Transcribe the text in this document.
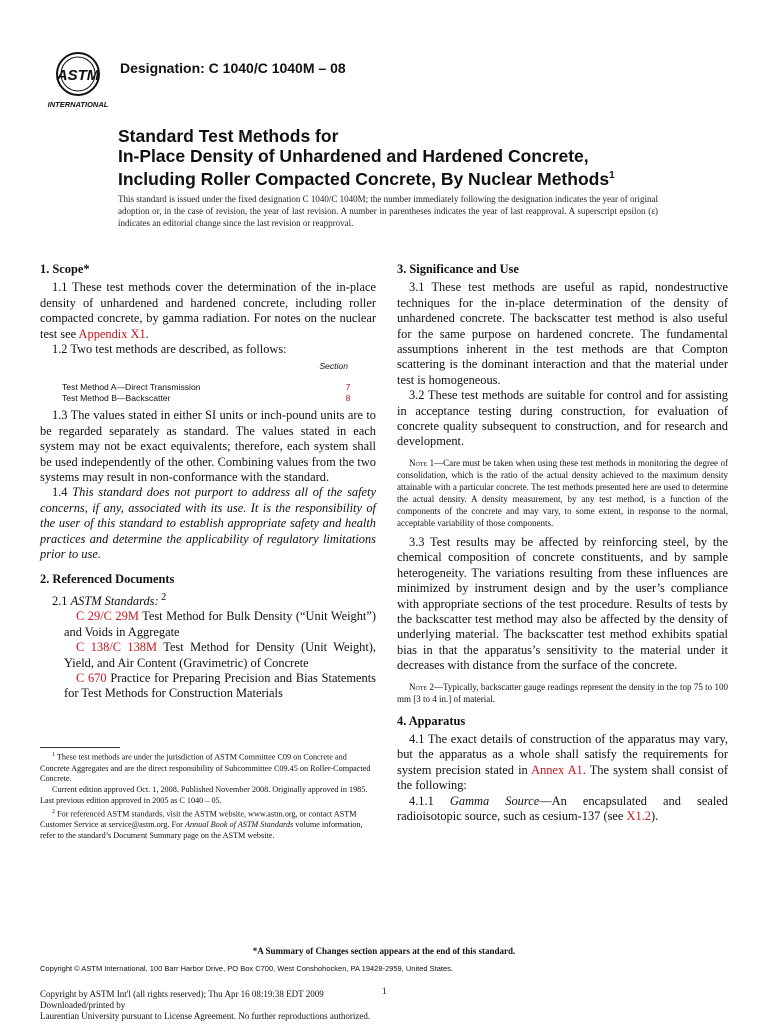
ASTM
INTERNATIONAL
Designation: C 1040/C 1040M – 08
Standard Test Methods for
In-Place Density of Unhardened and Hardened Concrete,
Including Roller Compacted Concrete, By Nuclear Methods$^1$
This standard is issued under the fixed designation C 1040/C 1040M; the number immediately following the designation indicates the year of original adoption or, in the case of revision, the year of last revision. A number in parentheses indicates the year of last reapproval. A superscript epsilon (ε) indicates an editorial change since the last revision or reapproval.
1. Scope*

1.1 These test methods cover the determination of the in-place density of unhardened and hardened concrete, including roller compacted concrete, by gamma radiation. For notes on the nuclear test see Appendix X1.

1.2 Two test methods are described, as follows:

Section
Test Method A—Direct Transmission	7
Test Method B—Backscatter	8

1.3 The values stated in either SI units or inch-pound units are to be regarded separately as standard. The values stated in each system may not be exact equivalents; therefore, each system shall be used independently of the other. Combining values from the two systems may result in non-conformance with the standard.

1.4 This standard does not purport to address all of the safety concerns, if any, associated with its use. It is the responsibility of the user of this standard to establish appropriate safety and health practices and determine the applicability of regulatory limitations prior to use.

2. Referenced Documents

2.1 ASTM Standards: $^2$

C 29/C 29M Test Method for Bulk Density (“Unit Weight”) and Voids in Aggregate

C 138/C 138M Test Method for Density (Unit Weight), Yield, and Air Content (Gravimetric) of Concrete

C 670 Practice for Preparing Precision and Bias Statements for Test Methods for Construction Materials

$^1$ These test methods are under the jurisdiction of ASTM Committee C09 on Concrete and Concrete Aggregates and are the direct responsibility of Subcommittee C09.45 on Roller-Compacted Concrete.

Current edition approved Oct. 1, 2008. Published November 2008. Originally approved in 1985. Last previous edition approved in 2005 as C 1040 – 05.

$^2$ For referenced ASTM standards, visit the ASTM website, www.astm.org, or contact ASTM Customer Service at service@astm.org. For Annual Book of ASTM Standards volume information, refer to the standard’s Document Summary page on the ASTM website.

3. Significance and Use

3.1 These test methods are useful as rapid, nondestructive techniques for the in-place determination of the density of unhardened concrete. The backscatter test method is also useful for the same purpose on hardened concrete. The fundamental assumptions inherent in the test methods are that Compton scattering is the dominant interaction and that the material under test is homogeneous.

3.2 These test methods are suitable for control and for assisting in acceptance testing during construction, for evaluation of concrete quality subsequent to construction, and for research and development.

Note 1—Care must be taken when using these test methods in monitoring the degree of consolidation, which is the ratio of the actual density achieved to the maximum density attainable with a particular concrete. The test methods presented here are used to determine the actual density. A density measurement, by any test method, is a function of the components of the concrete and may vary, to some extent, in response to the normal, acceptable variability of those components.

3.3 Test results may be affected by reinforcing steel, by the chemical composition of concrete constituents, and by sample heterogeneity. The variations resulting from these influences are minimized by instrument design and by the user’s compliance with appropriate sections of the test procedure. Results of tests by the backscatter test method may also be affected by the density of underlying material. The backscatter test method exhibits spatial bias in that the apparatus’s sensitivity to the material under it decreases with distance from the surface of the concrete.

Note 2—Typically, backscatter gauge readings represent the density in the top 75 to 100 mm [3 to 4 in.] of material.
4. Apparatus

4.1 The exact details of construction of the apparatus may vary, but the apparatus as a whole shall satisfy the requirements for system precision stated in Annex A1. The system shall consist of the following:

4.1.1 Gamma Source—An encapsulated and sealed radioisotopic source, such as cesium-137 (see X1.2).

*A Summary of Changes section appears at the end of this standard.
Copyright © ASTM International, 100 Barr Harbor Drive, PO Box C700, West Conshohocken, PA 19428-2959, United States.
1
Copyright by ASTM Int'l (all rights reserved); Thu Apr 16 08:19:38 EDT 2009
Downloaded/printed by
Laurentian University pursuant to License Agreement. No further reproductions authorized.
